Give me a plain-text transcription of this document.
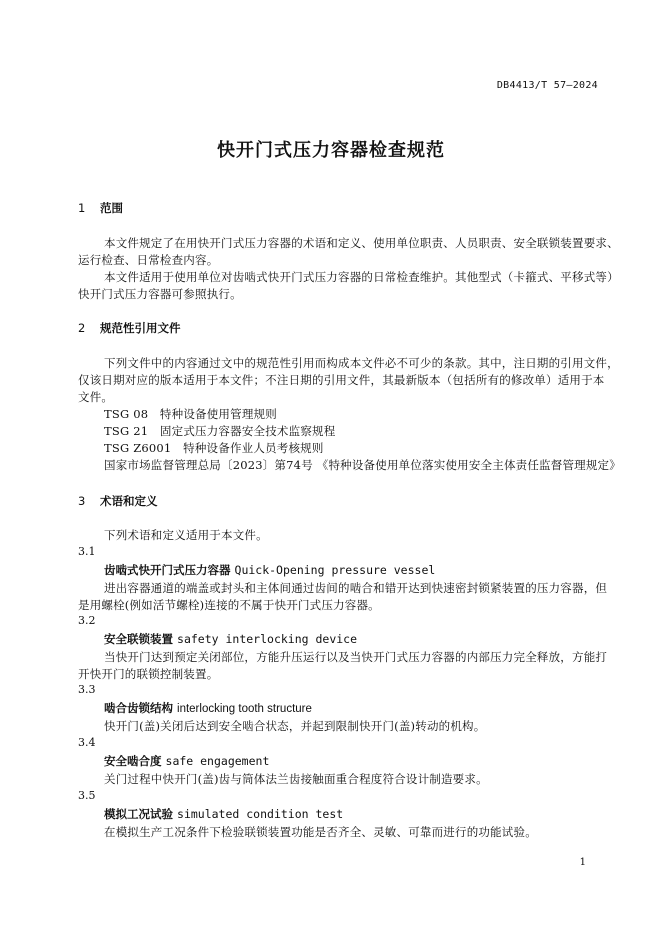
DB4413/T 57—2024
快开门式压力容器检查规范
1 范围
本文件规定了在用快开门式压力容器的术语和定义、使用单位职责、人员职责、安全联锁装置要求、
运行检查、日常检查内容。
本文件适用于使用单位对齿啮式快开门式压力容器的日常检查维护。其他型式（卡箍式、平移式等）
快开门式压力容器可参照执行。
2 规范性引用文件
下列文件中的内容通过文中的规范性引用而构成本文件必不可少的条款。其中，注日期的引用文件，
仅该日期对应的版本适用于本文件；不注日期的引用文件，其最新版本（包括所有的修改单）适用于本
文件。
TSG 08　特种设备使用管理规则
TSG 21　固定式压力容器安全技术监察规程
TSG Z6001　特种设备作业人员考核规则
国家市场监督管理总局〔2023〕第74号 《特种设备使用单位落实使用安全主体责任监督管理规定》
3 术语和定义
下列术语和定义适用于本文件。
3.1
齿啮式快开门式压力容器 Quick-Opening pressure vessel
进出容器通道的端盖或封头和主体间通过齿间的啮合和错开达到快速密封锁紧装置的压力容器，但
是用螺栓(例如活节螺栓)连接的不属于快开门式压力容器。
3.2
安全联锁装置 safety interlocking device
当快开门达到预定关闭部位，方能升压运行以及当快开门式压力容器的内部压力完全释放，方能打
开快开门的联锁控制装置。
3.3
啮合齿锁结构 interlocking tooth structure
快开门(盖)关闭后达到安全啮合状态，并起到限制快开门(盖)转动的机构。
3.4
安全啮合度 safe engagement
关门过程中快开门(盖)齿与筒体法兰齿接触面重合程度符合设计制造要求。
3.5
模拟工况试验 simulated condition test
在模拟生产工况条件下检验联锁装置功能是否齐全、灵敏、可靠而进行的功能试验。
1
